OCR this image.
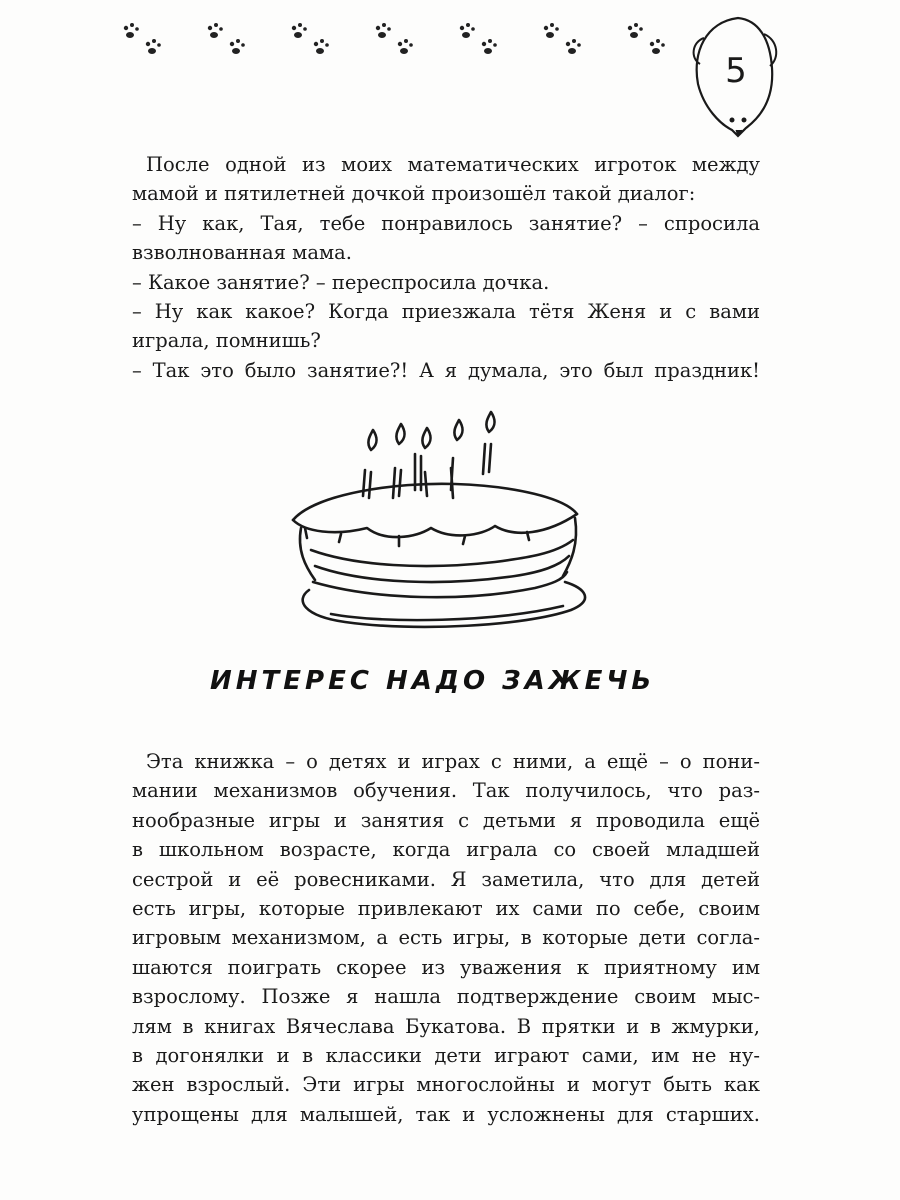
5

После одной из моих математических игроток между

мамой и пятилетней дочкой произошёл такой диалог:

– Ну как, Тая, тебе понравилось занятие? – спросила

взволнованная мама.

– Какое занятие? – переспросила дочка.

– Ну как какое? Когда приезжала тётя Женя и с вами

играла, помнишь?

– Так это было занятие?! А я думала, это был праздник!

ИНТЕРЕС НАДО ЗАЖЕЧЬ

Эта книжка – о детях и играх с ними, а ещё – о пони-

мании механизмов обучения. Так получилось, что раз-

нообразные игры и занятия с детьми я проводила ещё

в школьном возрасте, когда играла со своей младшей

сестрой и её ровесниками. Я заметила, что для детей

есть игры, которые привлекают их сами по себе, своим

игровым механизмом, а есть игры, в которые дети согла-

шаются поиграть скорее из уважения к приятному им

взрослому. Позже я нашла подтверждение своим мыс-

лям в книгах Вячеслава Букатова. В прятки и в жмурки,

в догонялки и в классики дети играют сами, им не ну-

жен взрослый. Эти игры многослойны и могут быть как

упрощены для малышей, так и усложнены для старших.
